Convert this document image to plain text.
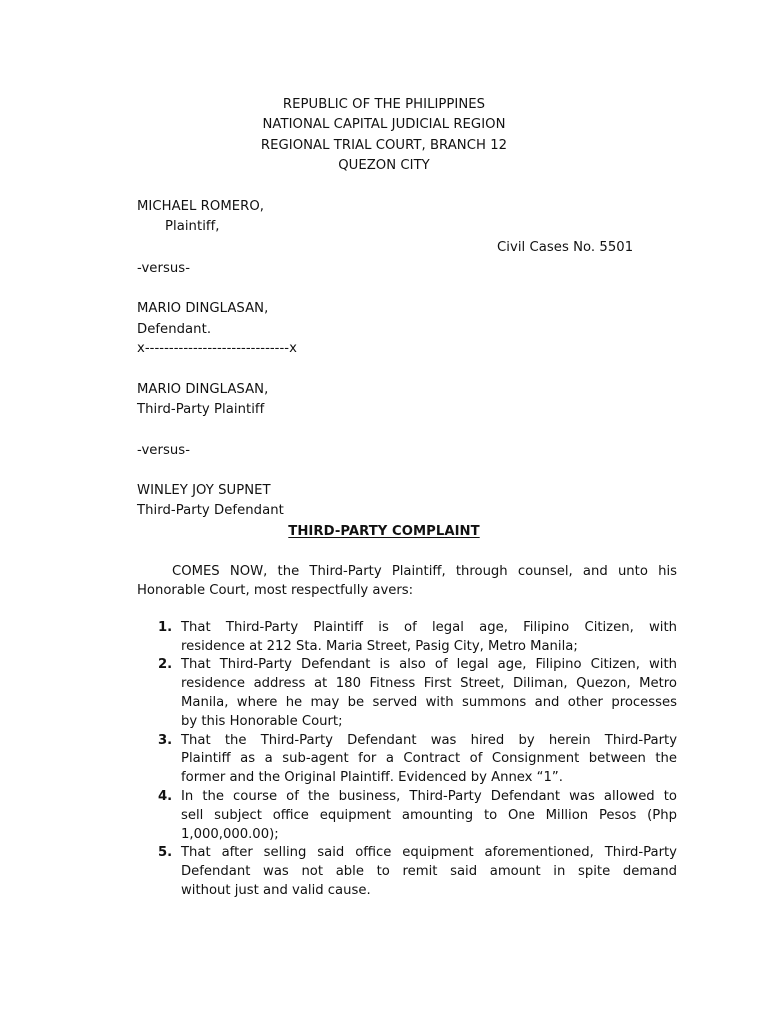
REPUBLIC OF THE PHILIPPINES
NATIONAL CAPITAL JUDICIAL REGION
REGIONAL TRIAL COURT, BRANCH 12
QUEZON CITY
MICHAEL ROMERO,
Plaintiff,
Civil Cases No. 5501
-versus-
MARIO DINGLASAN,
Defendant.
x------------------------------x
MARIO DINGLASAN,
Third-Party Plaintiff
-versus-
WINLEY JOY SUPNET
Third-Party Defendant
THIRD-PARTY COMPLAINT
COMES NOW, the Third-Party Plaintiff, through counsel, and unto his
Honorable Court, most respectfully avers:
1. That Third-Party Plaintiff is of legal age, Filipino Citizen, with
residence at 212 Sta. Maria Street, Pasig City, Metro Manila;
2. That Third-Party Defendant is also of legal age, Filipino Citizen, with
residence address at 180 Fitness First Street, Diliman, Quezon, Metro
Manila, where he may be served with summons and other processes
by this Honorable Court;
3. That the Third-Party Defendant was hired by herein Third-Party
Plaintiff as a sub-agent for a Contract of Consignment between the
former and the Original Plaintiff. Evidenced by Annex “1”.
4. In the course of the business, Third-Party Defendant was allowed to
sell subject office equipment amounting to One Million Pesos (Php
1,000,000.00);
5. That after selling said office equipment aforementioned, Third-Party
Defendant was not able to remit said amount in spite demand
without just and valid cause.
